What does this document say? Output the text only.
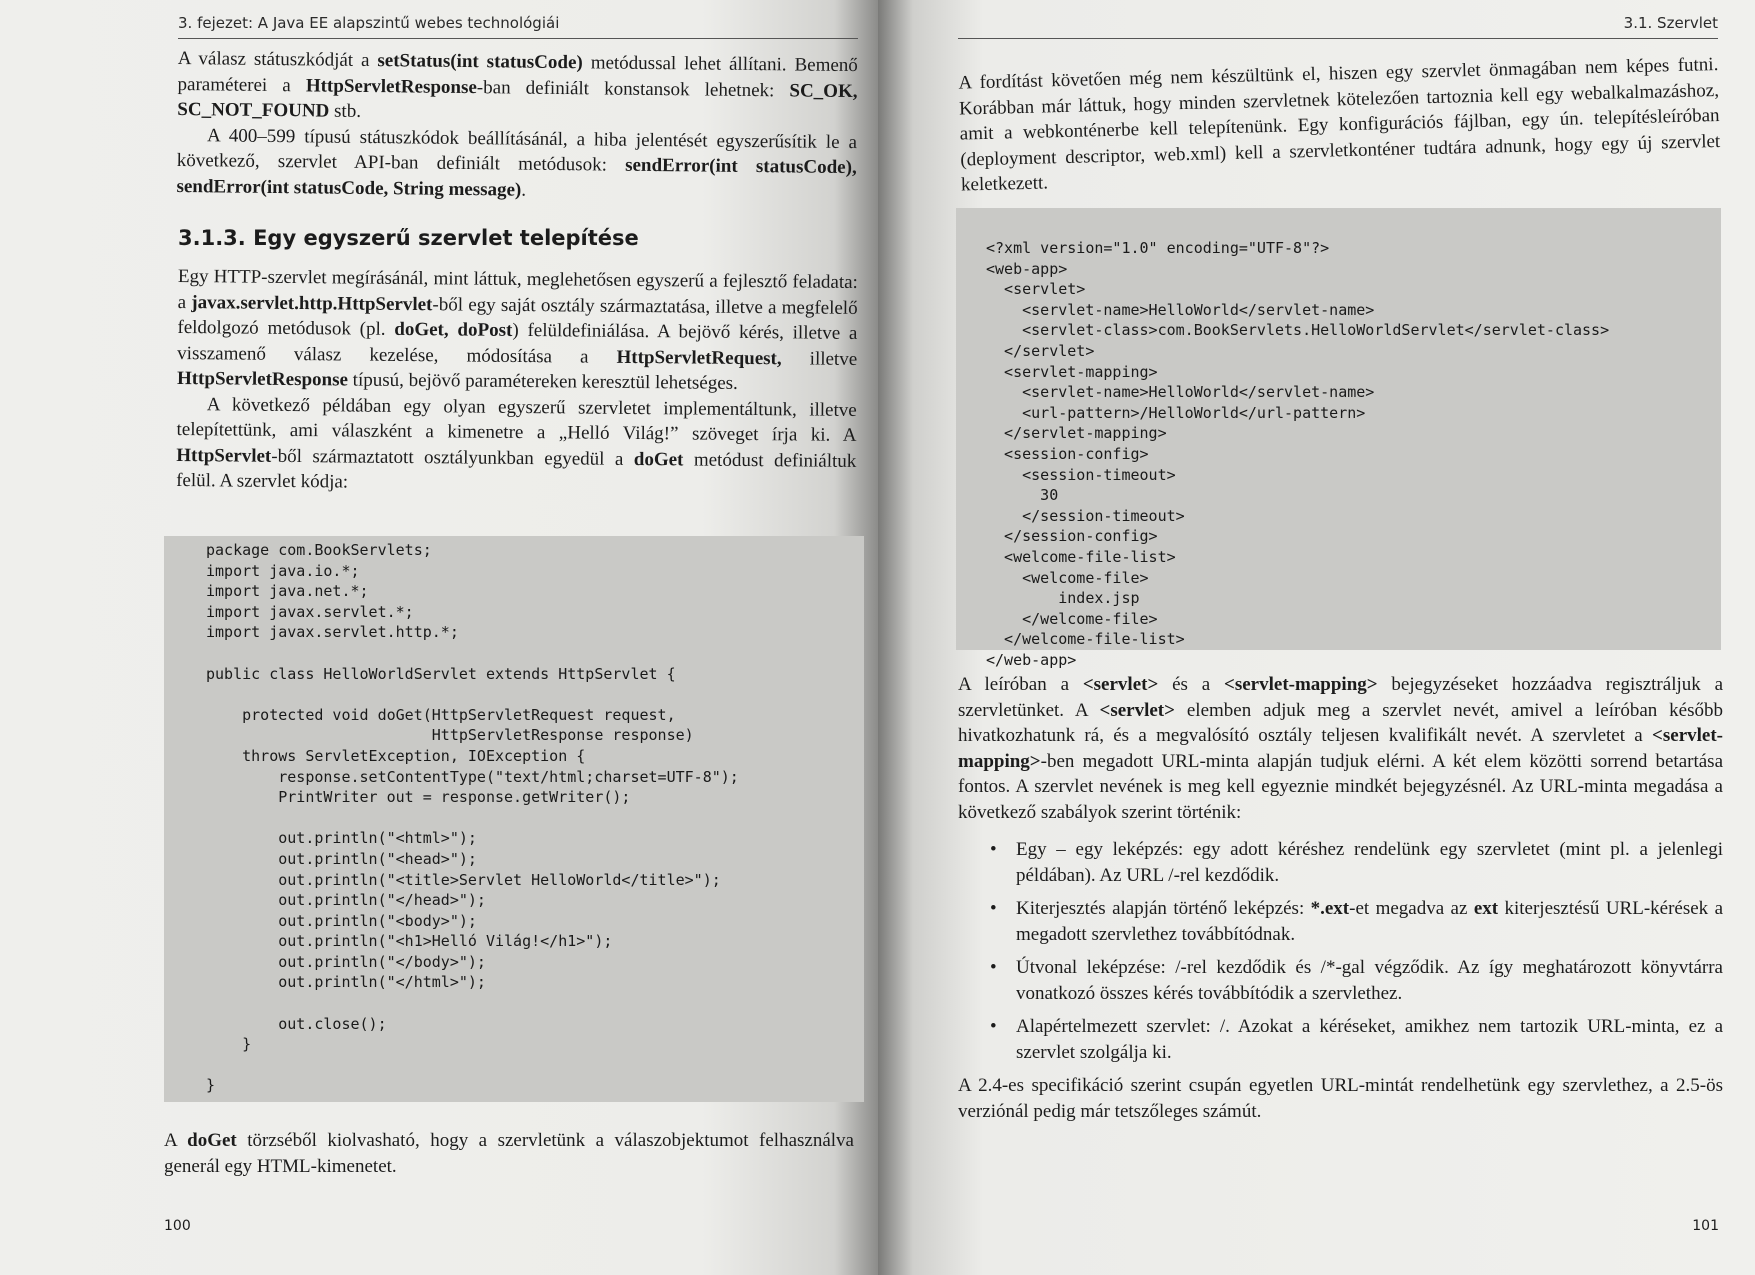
3. fejezet: A Java EE alapszintű webes technológiái

A válasz státuszkódját a setStatus(int statusCode) metódussal lehet állítani. Bemenő paraméterei a HttpServletResponse-ban definiált konstansok lehetnek: SC_OK, SC_NOT_FOUND stb.

A 400–599 típusú státuszkódok beállításánál, a hiba jelentését egyszerűsítik le a következő, szervlet API-ban definiált metódusok: sendError(int statusCode), sendError(int statusCode, String message).

3.1.3. Egy egyszerű szervlet telepítése

Egy HTTP-szervlet megírásánál, mint láttuk, meglehetősen egyszerű a fejlesztő feladata: a javax.servlet.http.HttpServlet-ből egy saját osztály származtatása, illetve a megfelelő feldolgozó metódusok (pl. doGet, doPost) felüldefiniálása. A bejövő kérés, illetve a visszamenő válasz kezelése, módosítása a HttpServletRequest, illetve HttpServletResponse típusú, bejövő paramétereken keresztül lehetséges.

A következő példában egy olyan egyszerű szervletet implementáltunk, illetve telepítettünk, ami válaszként a kimenetre a „Helló Világ!” szöveget írja ki. A HttpServlet-ből származtatott osztályunkban egyedül a doGet metódust definiáltuk felül. A szervlet kódja:

package com.BookServlets;
import java.io.*;
import java.net.*;
import javax.servlet.*;
import javax.servlet.http.*;
public class HelloWorldServlet extends HttpServlet {
protected void doGet(HttpServletRequest request,
HttpServletResponse response)
throws ServletException, IOException {
response.setContentType("text/html;charset=UTF-8");
PrintWriter out = response.getWriter();
out.println("<html>");
out.println("<head>");
out.println("<title>Servlet HelloWorld</title>");
out.println("</head>");
out.println("<body>");
out.println("<h1>Helló Világ!</h1>");
out.println("</body>");
out.println("</html>");
out.close();
}
}

A doGet törzséből kiolvasható, hogy a szervletünk a válaszobjektumot felhasználva generál egy HTML-kimenetet.

100
3.1. Szervlet

A fordítást követően még nem készültünk el, hiszen egy szervlet önmagában nem képes futni. Korábban már láttuk, hogy minden szervletnek kötelezően tartoznia kell egy webalkalmazáshoz, amit a webkonténerbe kell telepítenünk. Egy konfigurációs fájlban, egy ún. telepítésleíróban (deployment descriptor, web.xml) kell a szervletkonténer tudtára adnunk, hogy egy új szervlet keletkezett.

<?xml version="1.0" encoding="UTF-8"?>
<web-app>
<servlet>
<servlet-name>HelloWorld</servlet-name>
<servlet-class>com.BookServlets.HelloWorldServlet</servlet-class>
</servlet>
<servlet-mapping>
<servlet-name>HelloWorld</servlet-name>
<url-pattern>/HelloWorld</url-pattern>
</servlet-mapping>
<session-config>
<session-timeout>
30
</session-timeout>
</session-config>
<welcome-file-list>
<welcome-file>
index.jsp
</welcome-file>
</welcome-file-list>
</web-app>

A leíróban a <servlet> és a <servlet-mapping> bejegyzéseket hozzáadva regisztráljuk a szervletünket. A <servlet> elemben adjuk meg a szervlet nevét, amivel a leíróban később hivatkozhatunk rá, és a megvalósító osztály teljesen kvalifikált nevét. A szervletet a <servlet-mapping>-ben megadott URL-minta alapján tudjuk elérni. A két elem közötti sorrend betartása fontos. A szervlet nevének is meg kell egyeznie mindkét bejegyzésnél. Az URL-minta megadása a következő szabályok szerint történik:

• Egy – egy leképzés: egy adott kéréshez rendelünk egy szervletet (mint pl. a jelenlegi példában). Az URL /-rel kezdődik.
• Kiterjesztés alapján történő leképzés: *.ext-et megadva az ext kiterjesztésű URL-kérések a megadott szervlethez továbbítódnak.
• Útvonal leképzése: /-rel kezdődik és /*-gal végződik. Az így meghatározott könyvtárra vonatkozó összes kérés továbbítódik a szervlethez.
• Alapértelmezett szervlet: /. Azokat a kéréseket, amikhez nem tartozik URL-minta, ez a szervlet szolgálja ki.

A 2.4-es specifikáció szerint csupán egyetlen URL-mintát rendelhetünk egy szervlethez, a 2.5-ös verziónál pedig már tetszőleges számút.

101
